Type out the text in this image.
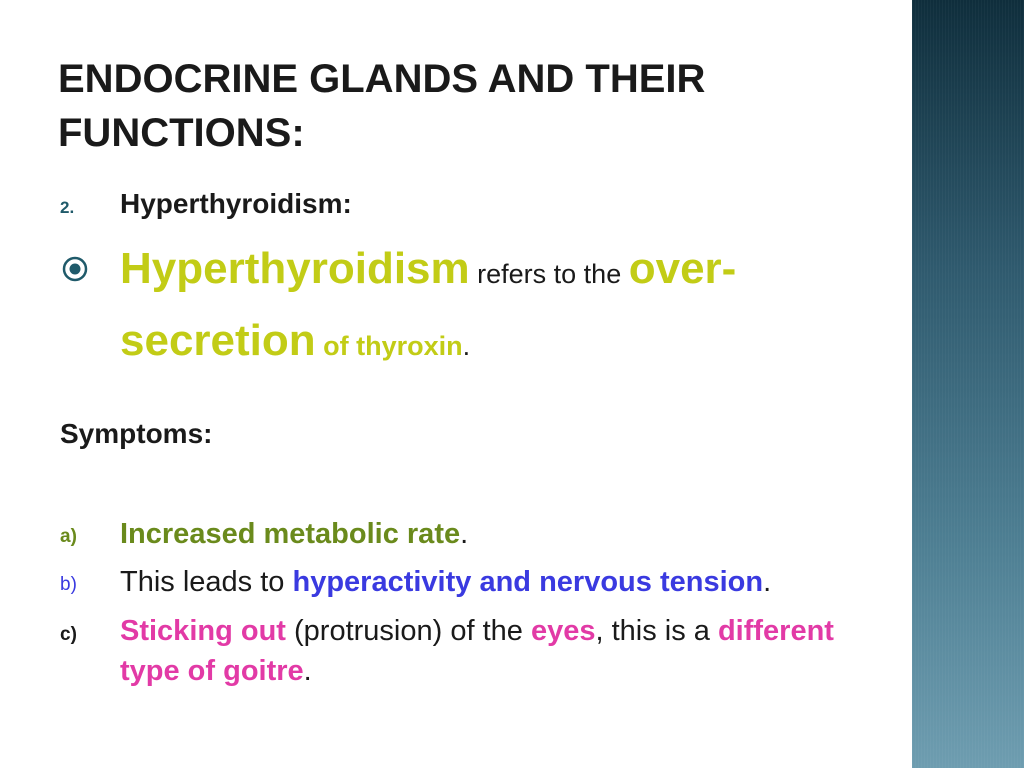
ENDOCRINE GLANDS AND THEIR FUNCTIONS:
2. Hyperthyroidism:
Hyperthyroidism refers to the over-
secretion of thyroxin.
Symptoms:
a) Increased metabolic rate.
b) This leads to hyperactivity and nervous tension.
c) Sticking out (protrusion) of the eyes, this is a different type of goitre.
